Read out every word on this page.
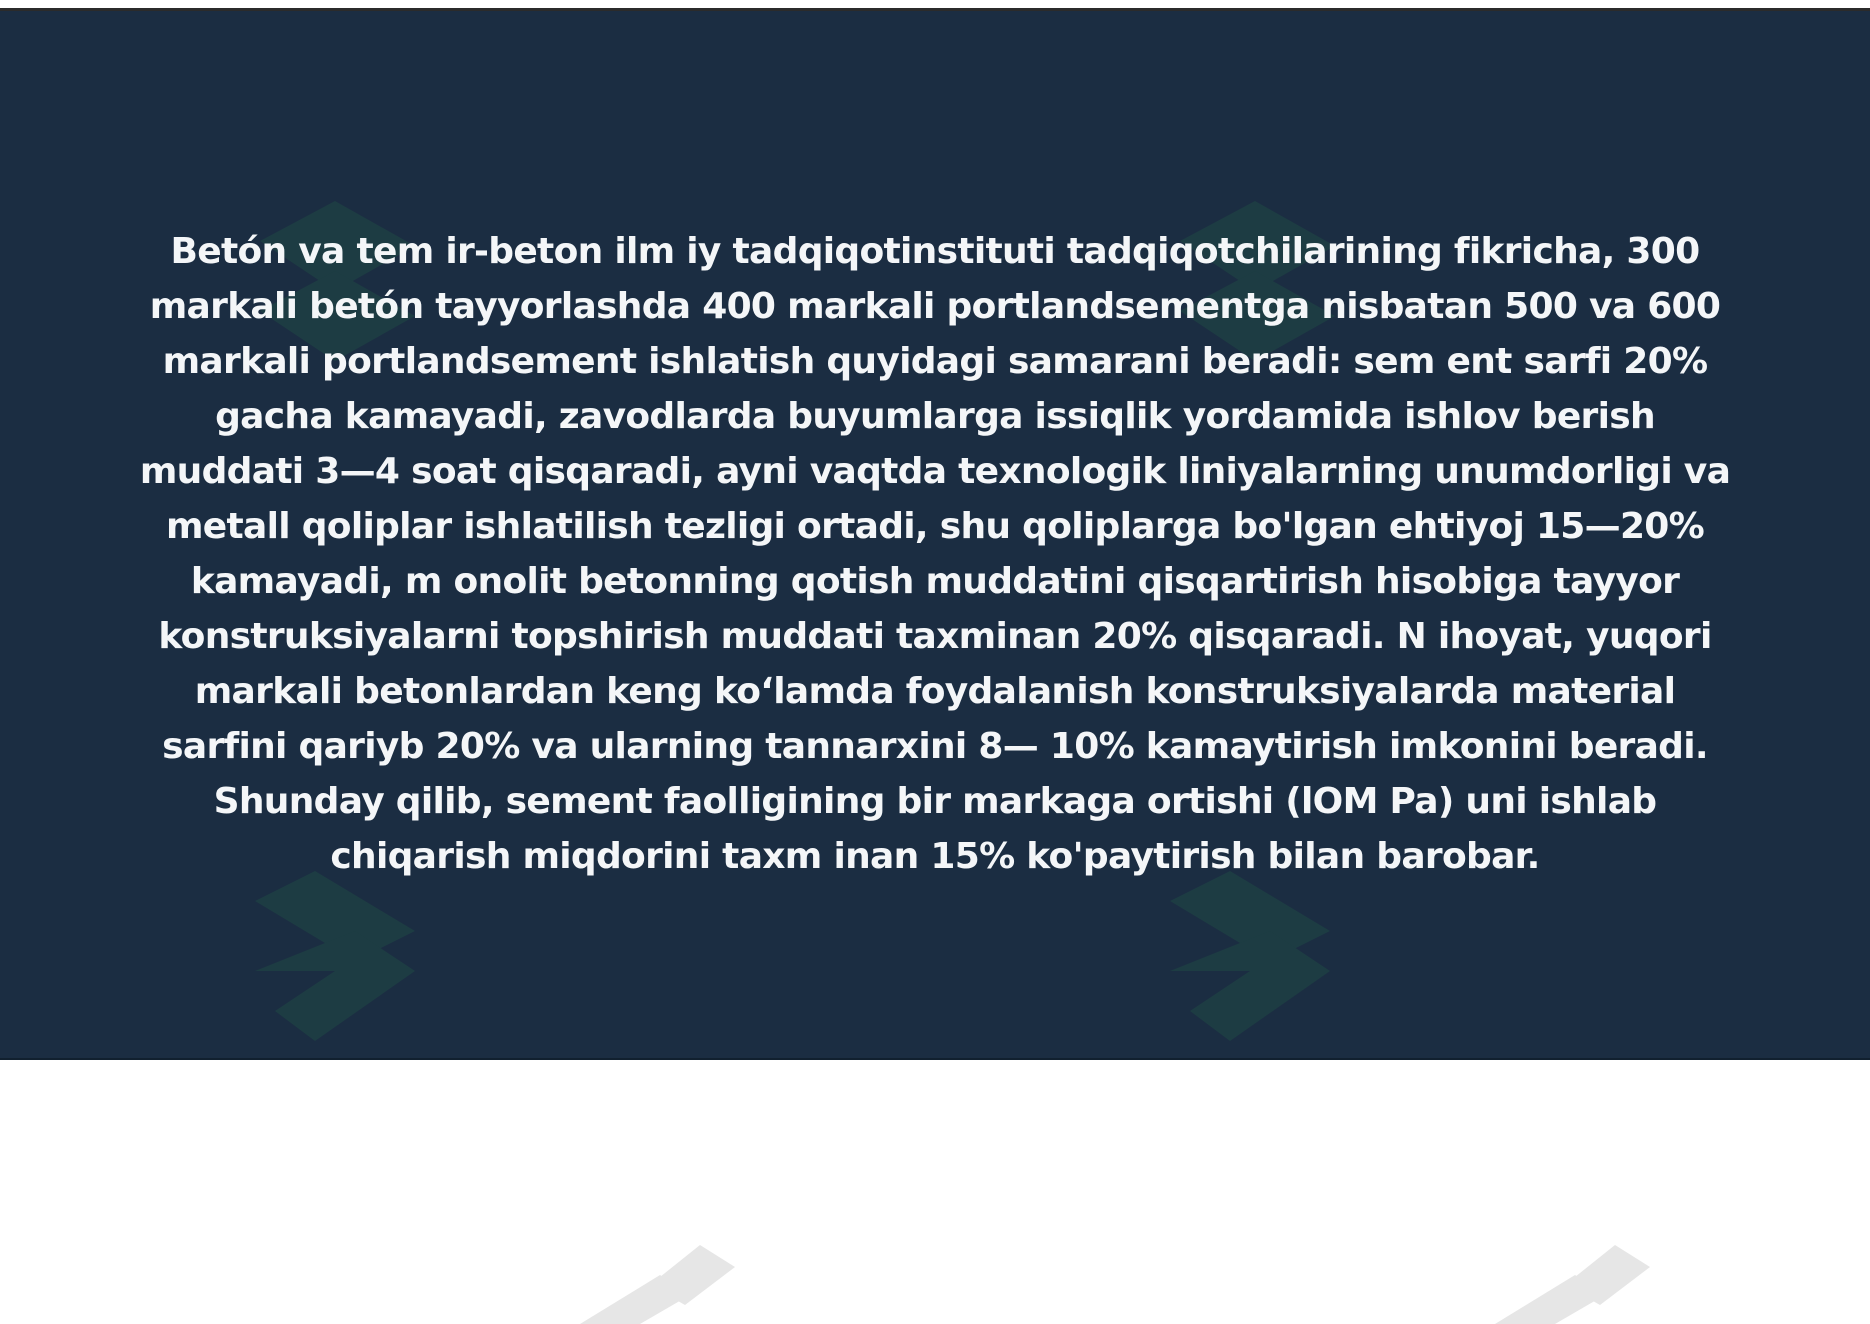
Betón va tem ir-beton ilm iy tadqiqotinstituti tadqiqotchilarining fikricha, 300
markali betón tayyorlashda 400 markali portlandsementga nisbatan 500 va 600
markali portlandsement ishlatish quyidagi samarani beradi: sem ent sarfi 20%
gacha kamayadi, zavodlarda buyumlarga issiqlik yordamida ishlov berish
muddati 3—4 soat qisqaradi, ayni vaqtda texnologik liniyalarning unumdorligi va
metall qoliplar ishlatilish tezligi ortadi, shu qoliplarga bo'lgan ehtiyoj 15—20%
kamayadi, m onolit betonning qotish muddatini qisqartirish hisobiga tayyor
konstruksiyalarni topshirish muddati taxminan 20% qisqaradi. N ihoyat, yuqori
markali betonlardan keng ko‘lamda foydalanish konstruksiyalarda material
sarfini qariyb 20% va ularning tannarxini 8— 10% kamaytirish imkonini beradi.
Shunday qilib, sement faolligining bir markaga ortishi (lOM Pa) uni ishlab
chiqarish miqdorini taxm inan 15% ko'paytirish bilan barobar.
